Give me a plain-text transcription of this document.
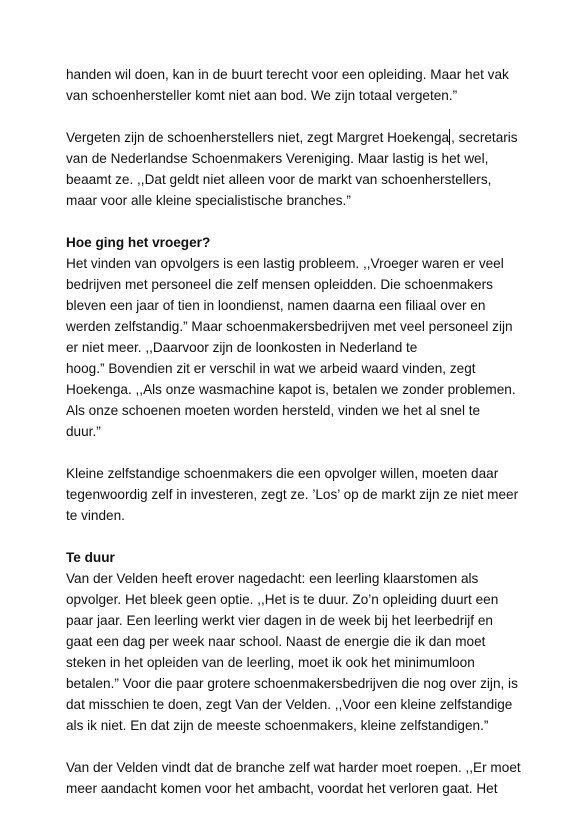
handen wil doen, kan in de buurt terecht voor een opleiding. Maar het vak
van schoenhersteller komt niet aan bod. We zijn totaal vergeten.”
Vergeten zijn de schoenherstellers niet, zegt Margret Hoekenga , secretaris
van de Nederlandse Schoenmakers Vereniging. Maar lastig is het wel,
beaamt ze. ,,Dat geldt niet alleen voor de markt van schoenherstellers,
maar voor alle kleine specialistische branches.”
Hoe ging het vroeger?
Het vinden van opvolgers is een lastig probleem. ,,Vroeger waren er veel
bedrijven met personeel die zelf mensen opleidden. Die schoenmakers
bleven een jaar of tien in loondienst, namen daarna een filiaal over en
werden zelfstandig.” Maar schoenmakersbedrijven met veel personeel zijn
er niet meer. ,,Daarvoor zijn de loonkosten in Nederland te
hoog.” Bovendien zit er verschil in wat we arbeid waard vinden, zegt
Hoekenga. ,,Als onze wasmachine kapot is, betalen we zonder problemen.
Als onze schoenen moeten worden hersteld, vinden we het al snel te
duur.”
Kleine zelfstandige schoenmakers die een opvolger willen, moeten daar
tegenwoordig zelf in investeren, zegt ze. ’Los’ op de markt zijn ze niet meer
te vinden.
Te duur
Van der Velden heeft erover nagedacht: een leerling klaarstomen als
opvolger. Het bleek geen optie. ,,Het is te duur. Zo’n opleiding duurt een
paar jaar. Een leerling werkt vier dagen in de week bij het leerbedrijf en
gaat een dag per week naar school. Naast de energie die ik dan moet
steken in het opleiden van de leerling, moet ik ook het minimumloon
betalen.” Voor die paar grotere schoenmakersbedrijven die nog over zijn, is
dat misschien te doen, zegt Van der Velden. ,,Voor een kleine zelfstandige
als ik niet. En dat zijn de meeste schoenmakers, kleine zelfstandigen.”
Van der Velden vindt dat de branche zelf wat harder moet roepen. ,,Er moet
meer aandacht komen voor het ambacht, voordat het verloren gaat. Het
